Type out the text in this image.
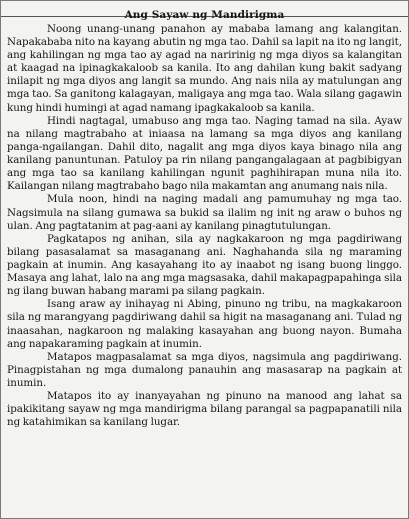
Ang Sayaw ng Mandirigma

Noong unang-unang panahon ay mababa lamang ang kalangitan. Napakababa nito na kayang abutin ng mga tao. Dahil sa lapit na ito ng langit, ang kahilingan ng mga tao ay agad na naririnig ng mga diyos sa kalangitan at kaagad na ipinagkakaloob sa kanila. Ito ang dahilan kung bakit sadyang inilapit ng mga diyos ang langit sa mundo. Ang nais nila ay matulungan ang mga tao. Sa ganitong kalagayan, maligaya ang mga tao. Wala silang gagawin kung hindi humingi at agad namang ipagkakaloob sa kanila.

Hindi nagtagal, umabuso ang mga tao. Naging tamad na sila. Ayaw na nilang magtrabaho at iniaasa na lamang sa mga diyos ang kanilang panga-ngailangan. Dahil dito, nagalit ang mga diyos kaya binago nila ang kanilang panuntunan. Patuloy pa rin nilang pangangalagaan at pagbibigyan ang mga tao sa kanilang kahilingan ngunit paghihirapan muna nila ito. Kailangan nilang magtrabaho bago nila makamtan ang anumang nais nila.

Mula noon, hindi na naging madali ang pamumuhay ng mga tao. Nagsimula na silang gumawa sa bukid sa ilalim ng init ng araw o buhos ng ulan. Ang pagtatanim at pag-aani ay kanilang pinagtutulungan.

Pagkatapos ng anihan, sila ay nagkakaroon ng mga pagdiriwang bilang pasasalamat sa masaganang ani. Naghahanda sila ng maraming pagkain at inumin. Ang kasayahang ito ay inaabot ng isang buong linggo. Masaya ang lahat, lalo na ang mga magsasaka, dahil makapagpapahinga sila ng ilang buwan habang marami pa silang pagkain.

Isang araw ay inihayag ni Abing, pinuno ng tribu, na magkakaroon sila ng marangyang pagdiriwang dahil sa higit na masaganang ani. Tulad ng inaasahan, nagkaroon ng malaking kasayahan ang buong nayon. Bumaha ang napakaraming pagkain at inumin.

Matapos magpasalamat sa mga diyos, nagsimula ang pagdiriwang. Pinagpistahan ng mga dumalong panauhin ang masasarap na pagkain at inumin.

Matapos ito ay inanyayahan ng pinuno na manood ang lahat sa ipakikitang sayaw ng mga mandirigma bilang parangal sa pagpapanatili nila ng katahimikan sa kanilang lugar.
